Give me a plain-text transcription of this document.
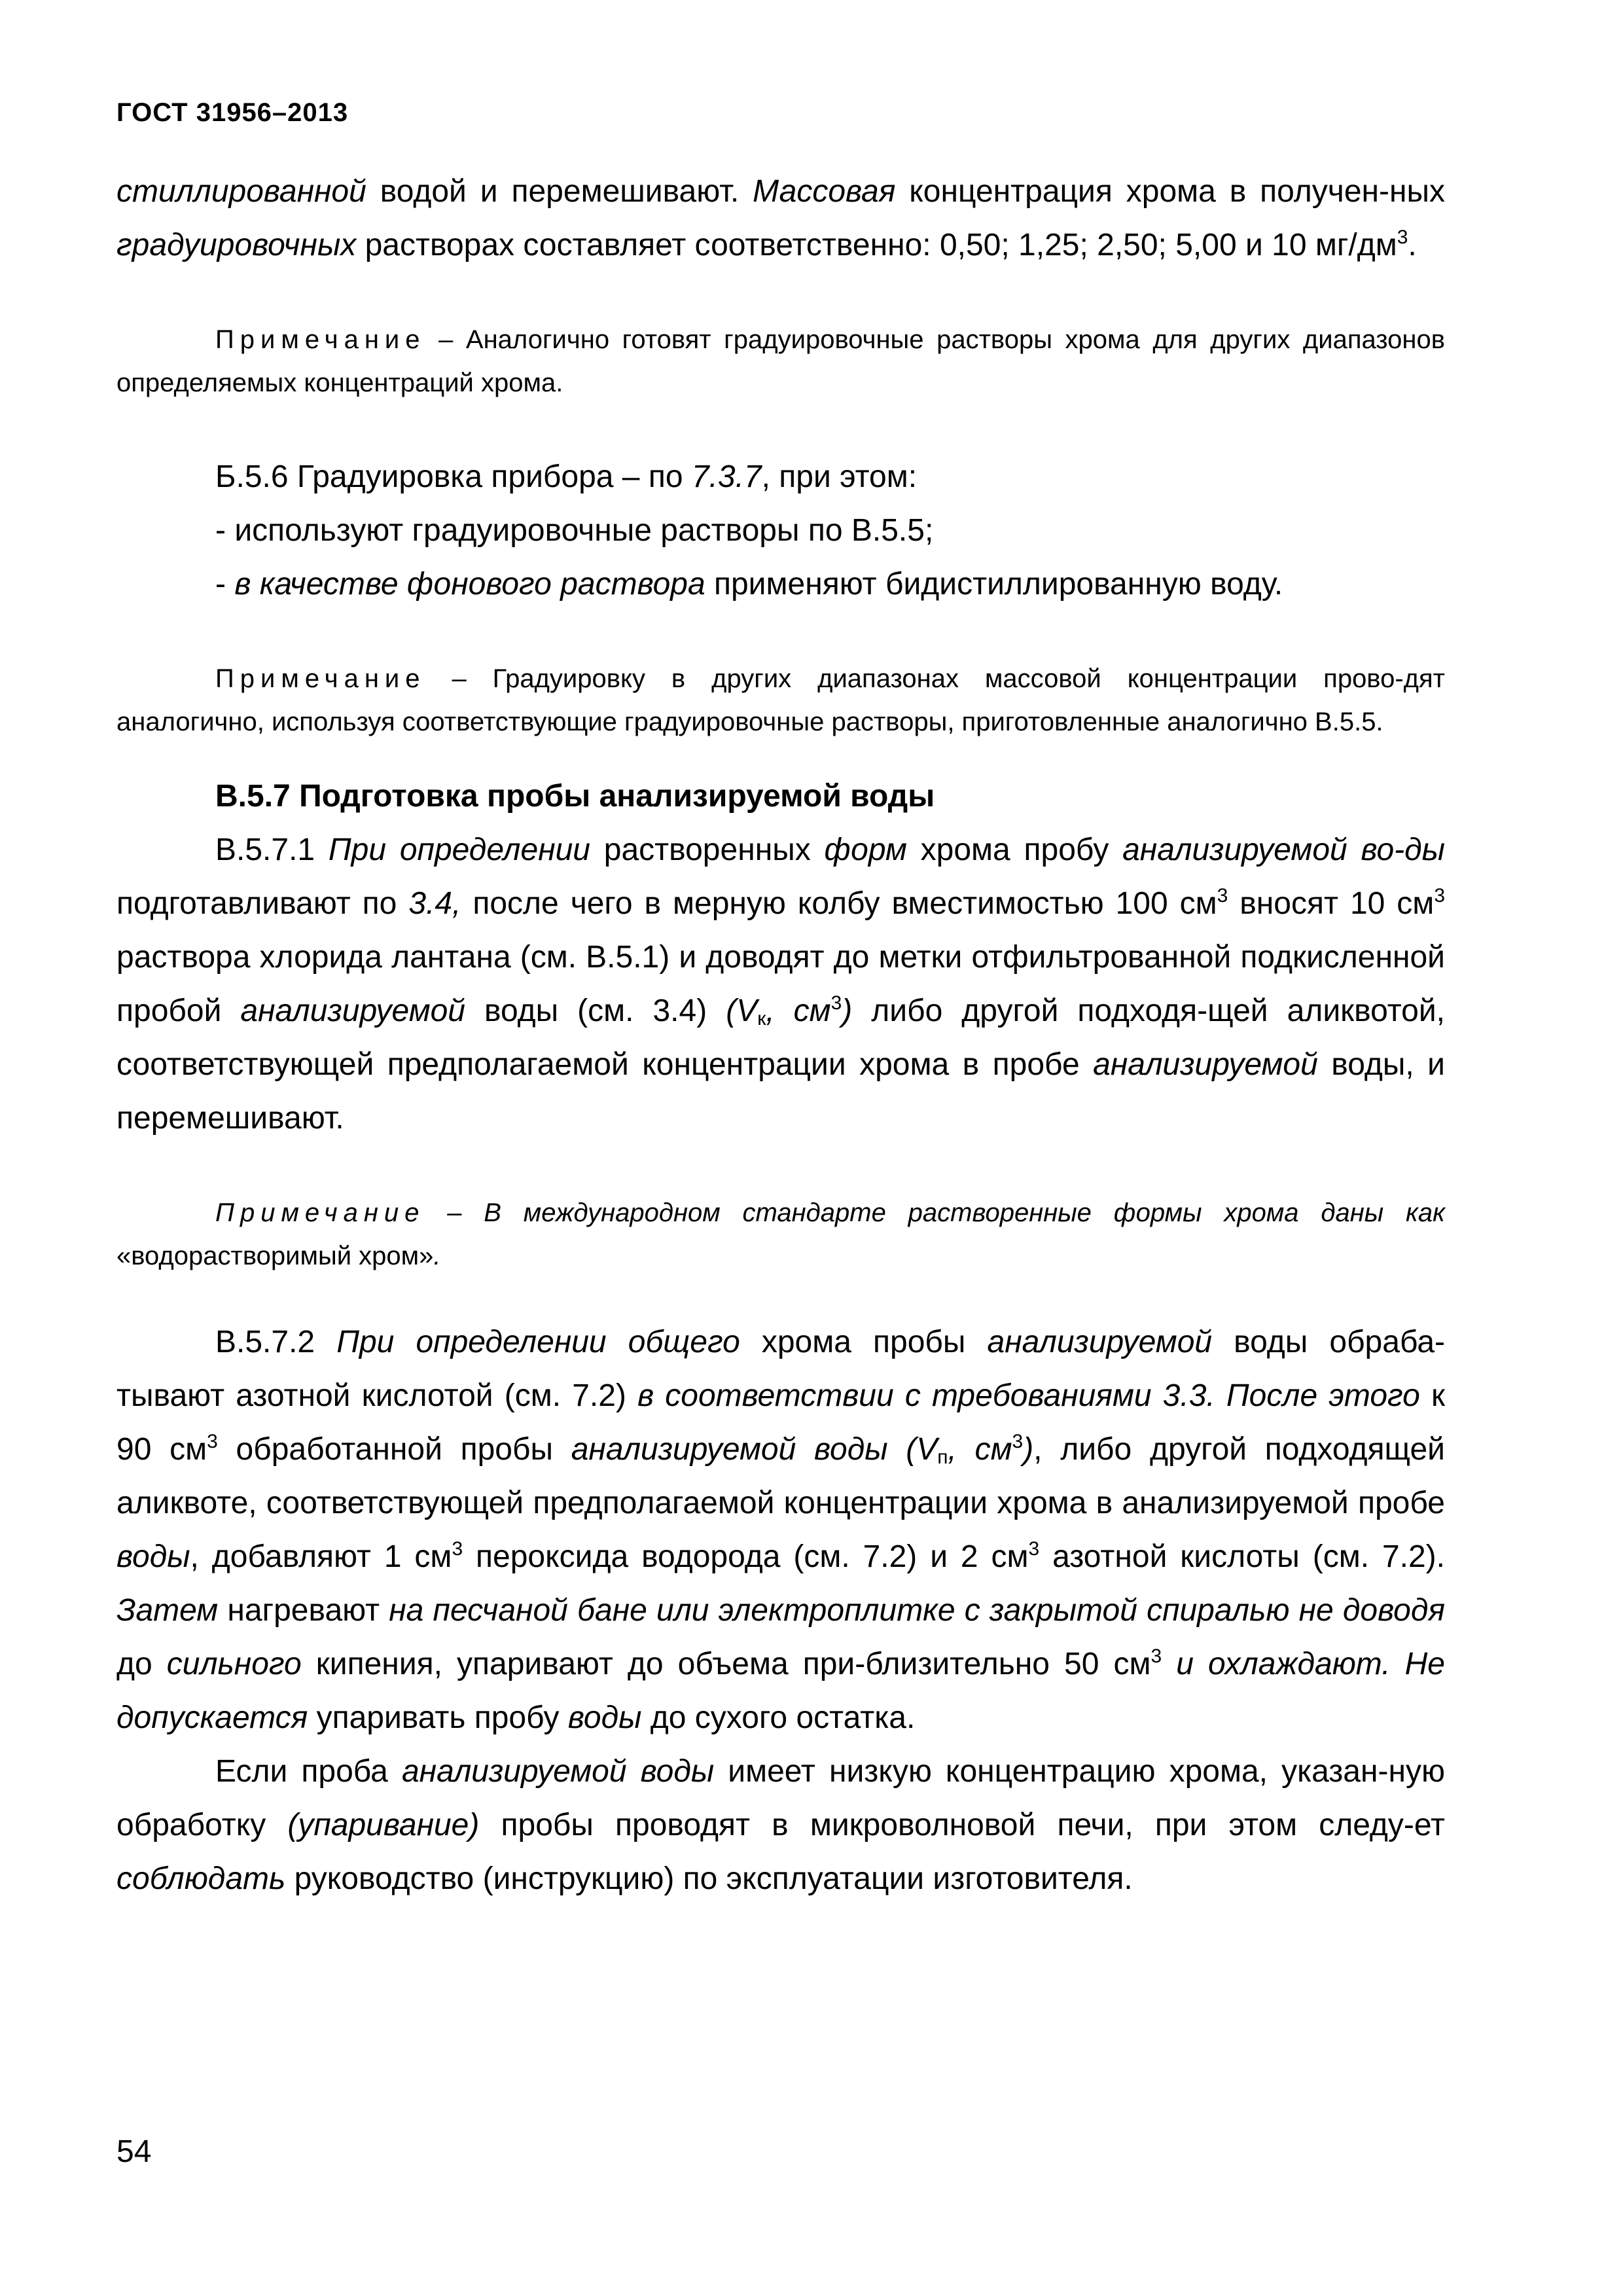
ГОСТ 31956–2013

стиллированной водой и перемешивают. Массовая концентрация хрома в получен-ных градуировочных растворах составляет соответственно: 0,50; 1,25; 2,50; 5,00 и 10 $мг/дм^3$.

Примечание – Аналогично готовят градуировочные растворы хрома для других диапазонов определяемых концентраций хрома.

Б.5.6 Градуировка прибора – по 7.3.7, при этом:

- используют градуировочные растворы по В.5.5;

- в качестве фонового раствора применяют бидистиллированную воду.

Примечание – Градуировку в других диапазонах массовой концентрации прово-дят аналогично, используя соответствующие градуировочные растворы, приготовленные аналогично В.5.5.

В.5.7 Подготовка пробы анализируемой воды

В.5.7.1 При определении растворенных форм хрома пробу анализируемой во-ды подготавливают по 3.4, после чего в мерную колбу вместимостью 100 $см^3$ вносят 10 $см^3$ раствора хлорида лантана (см. В.5.1) и доводят до метки отфильтрованной подкисленной пробой анализируемой воды (см. 3.4) ($V_к$, $см^3$) либо другой подходя-щей аликвотой, соответствующей предполагаемой концентрации хрома в пробе анализируемой воды, и перемешивают.

Примечание – В международном стандарте растворенные формы хрома даны как «водорастворимый хром».

В.5.7.2 При определении общего хрома пробы анализируемой воды обраба-тывают азотной кислотой (см. 7.2) в соответствии с требованиями 3.3. После этого к 90 $см^3$ обработанной пробы анализируемой воды ($V_п$, $см^3$), либо другой подходящей аликвоте, соответствующей предполагаемой концентрации хрома в анализируемой пробе воды, добавляют 1 $см^3$ пероксида водорода (см. 7.2) и 2 $см^3$ азотной кислоты (см. 7.2). Затем нагревают на песчаной бане или электроплитке с закрытой спиралью не доводя до сильного кипения, упаривают до объема при-близительно 50 $см^3$ и охлаждают. Не допускается упаривать пробу воды до сухого остатка.

Если проба анализируемой воды имеет низкую концентрацию хрома, указан-ную обработку (упаривание) пробы проводят в микроволновой печи, при этом следу-ет соблюдать руководство (инструкцию) по эксплуатации изготовителя.

54
